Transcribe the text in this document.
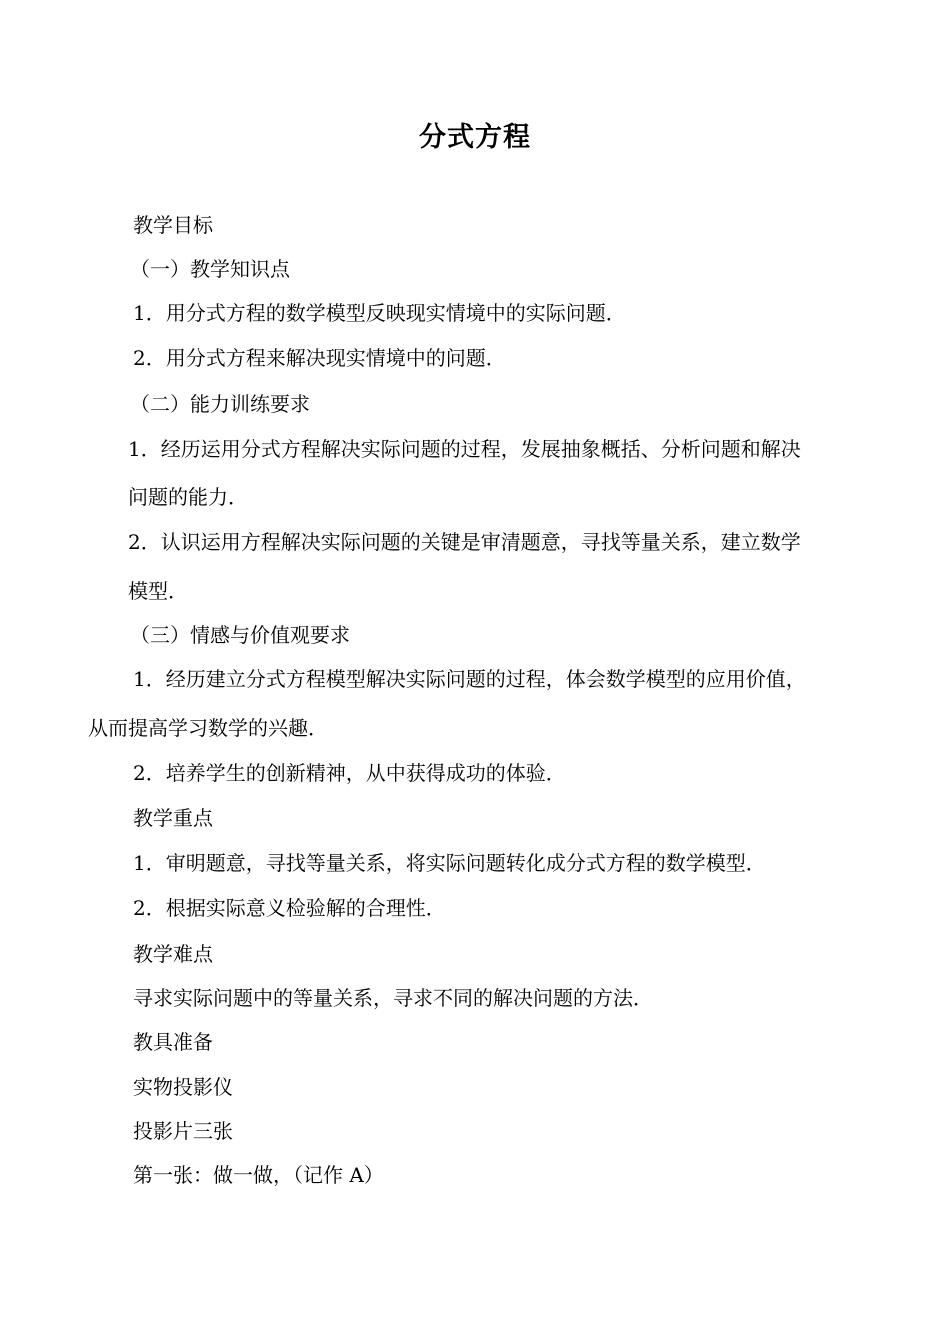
分式方程
教学目标
（一）教学知识点
1．用分式方程的数学模型反映现实情境中的实际问题．
2．用分式方程来解决现实情境中的问题．
（二）能力训练要求
1．经历运用分式方程解决实际问题的过程，发展抽象概括、分析问题和解决
问题的能力．
2．认识运用方程解决实际问题的关键是审清题意，寻找等量关系，建立数学
模型．
（三）情感与价值观要求
1．经历建立分式方程模型解决实际问题的过程，体会数学模型的应用价值，
从而提高学习数学的兴趣．
2．培养学生的创新精神，从中获得成功的体验．
教学重点
1．审明题意，寻找等量关系，将实际问题转化成分式方程的数学模型．
2．根据实际意义检验解的合理性．
教学难点
寻求实际问题中的等量关系，寻求不同的解决问题的方法．
教具准备
实物投影仪
投影片三张
第一张：做一做，（记作 A）
